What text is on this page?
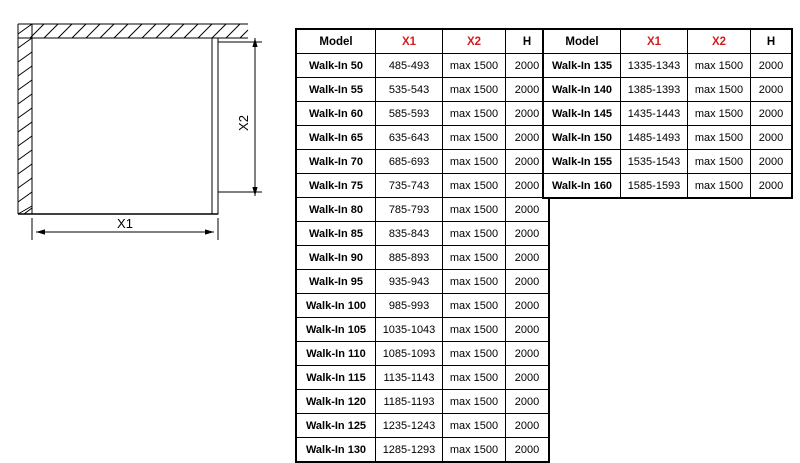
X2
X1
Model	X1	X2	H
Walk-In 50	485-493	max 1500	2000
Walk-In 55	535-543	max 1500	2000
Walk-In 60	585-593	max 1500	2000
Walk-In 65	635-643	max 1500	2000
Walk-In 70	685-693	max 1500	2000
Walk-In 75	735-743	max 1500	2000
Walk-In 80	785-793	max 1500	2000
Walk-In 85	835-843	max 1500	2000
Walk-In 90	885-893	max 1500	2000
Walk-In 95	935-943	max 1500	2000
Walk-In 100	985-993	max 1500	2000
Walk-In 105	1035-1043	max 1500	2000
Walk-In 110	1085-1093	max 1500	2000
Walk-In 115	1135-1143	max 1500	2000
Walk-In 120	1185-1193	max 1500	2000
Walk-In 125	1235-1243	max 1500	2000
Walk-In 130	1285-1293	max 1500	2000
Model	X1	X2	H
Walk-In 135	1335-1343	max 1500	2000
Walk-In 140	1385-1393	max 1500	2000
Walk-In 145	1435-1443	max 1500	2000
Walk-In 150	1485-1493	max 1500	2000
Walk-In 155	1535-1543	max 1500	2000
Walk-In 160	1585-1593	max 1500	2000
